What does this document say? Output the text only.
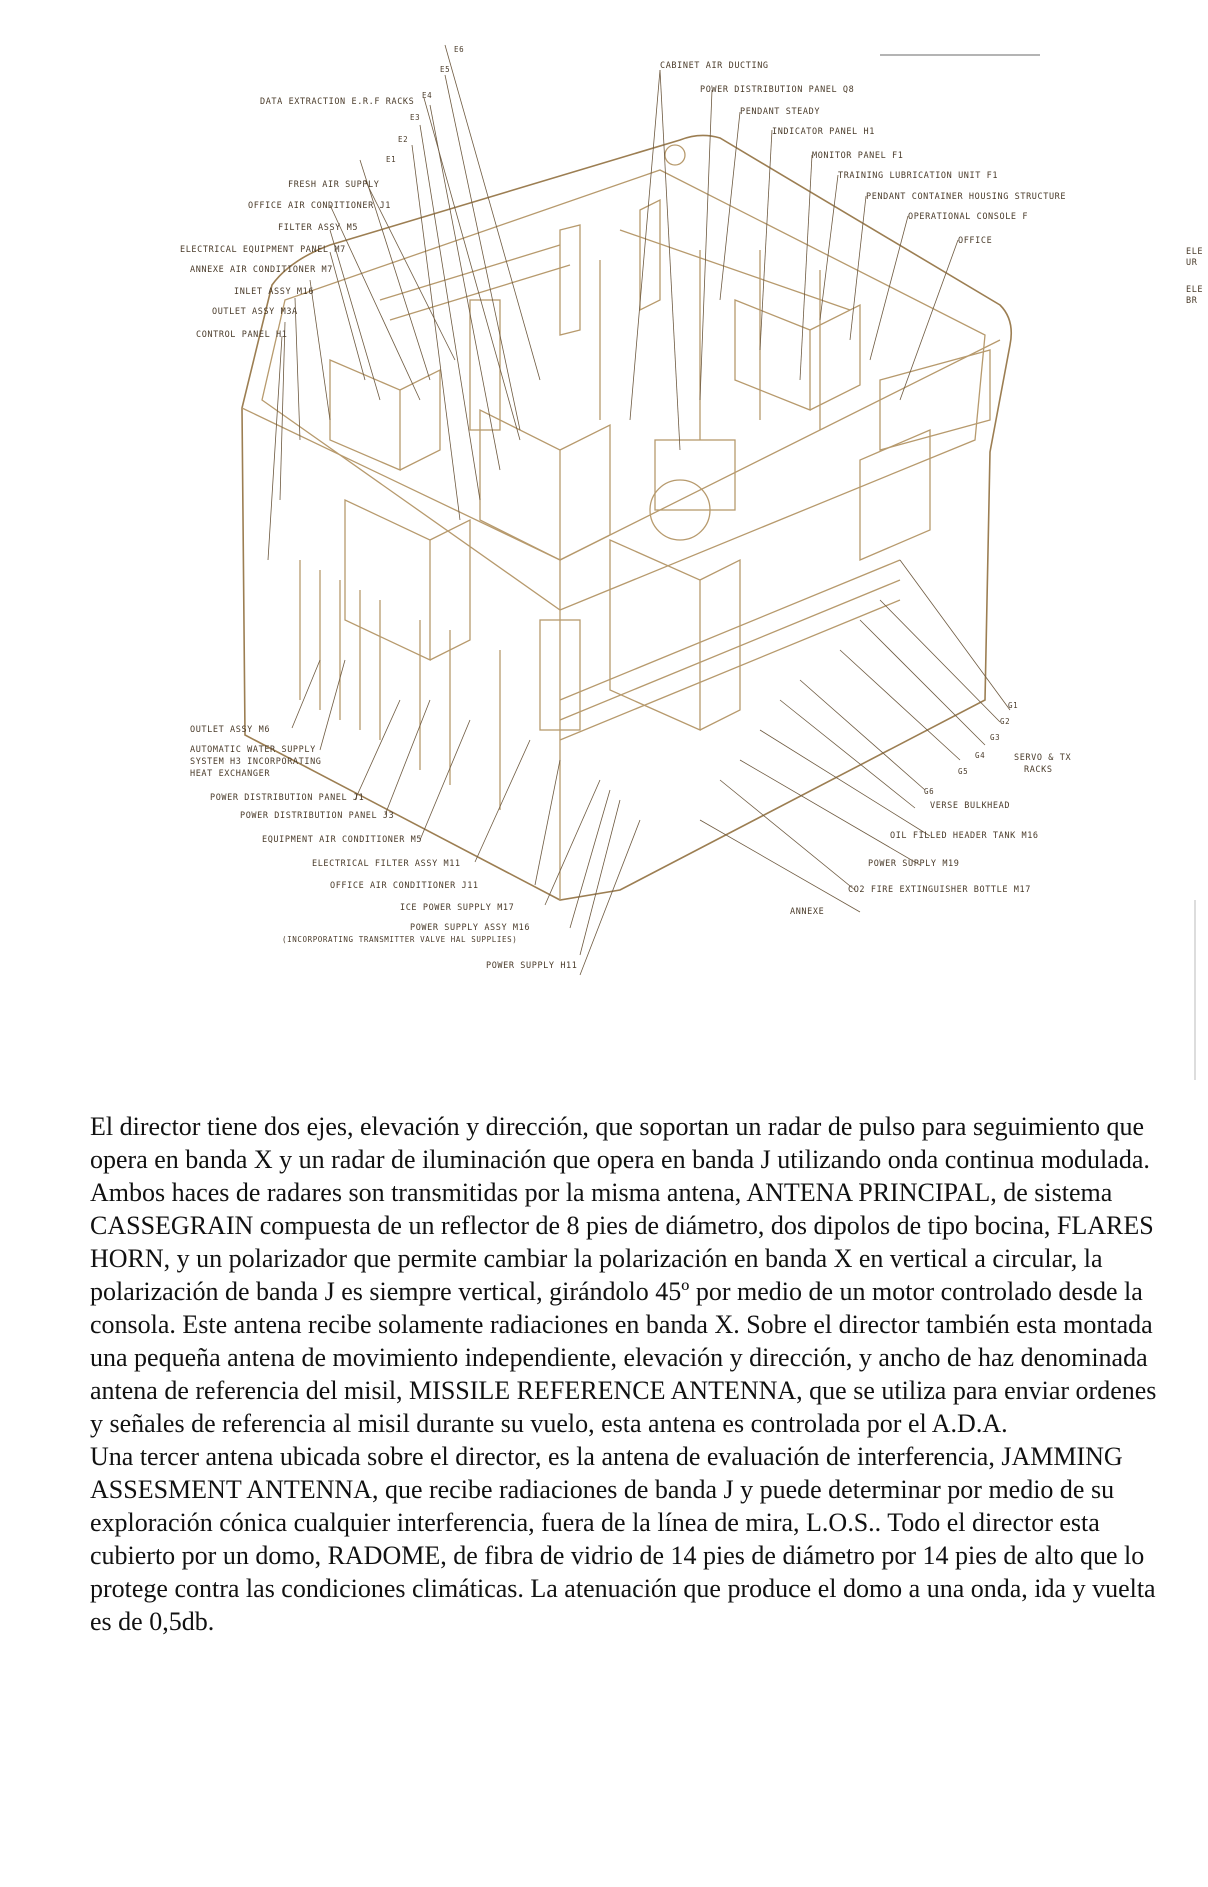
DATA EXTRACTION E.R.F RACKS
FRESH AIR SUPPLY
OFFICE AIR CONDITIONER J1
FILTER ASSY M5
ELECTRICAL EQUIPMENT PANEL M7
ANNEXE AIR CONDITIONER M7
INLET ASSY M16
OUTLET ASSY M3A
CONTROL PANEL H1
E5
E4
E3
E2
E1
E6
CABINET AIR DUCTING
POWER DISTRIBUTION PANEL Q8
PENDANT STEADY
INDICATOR PANEL H1
MONITOR PANEL F1
TRAINING LUBRICATION UNIT F1
PENDANT CONTAINER HOUSING STRUCTURE
OPERATIONAL CONSOLE F
OFFICE
ELE
UR
ELE
BR
OUTLET ASSY M6
AUTOMATIC WATER SUPPLY
SYSTEM H3 INCORPORATING
HEAT EXCHANGER
POWER DISTRIBUTION PANEL J1
POWER DISTRIBUTION PANEL J3
EQUIPMENT AIR CONDITIONER M5
ELECTRICAL FILTER ASSY M11
OFFICE AIR CONDITIONER J11
ICE POWER SUPPLY M17
POWER SUPPLY ASSY M16
(INCORPORATING TRANSMITTER VALVE HAL SUPPLIES)
POWER SUPPLY H11
G1
G2
G3
G4
G5
G6
SERVO & TX
RACKS
VERSE BULKHEAD
OIL FILLED HEADER TANK M16
POWER SUPPLY M19
CO2 FIRE EXTINGUISHER BOTTLE M17
ANNEXE

El director tiene dos ejes, elevación y dirección, que soportan un radar de pulso para seguimiento que opera en banda X y un radar de iluminación que opera en banda J utilizando onda continua modulada. Ambos haces de radares son transmitidas por la misma antena, ANTENA PRINCIPAL, de sistema CASSEGRAIN compuesta de un reflector de 8 pies de diámetro, dos dipolos de tipo bocina, FLARES HORN, y un polarizador que permite cambiar la polarización en banda X en vertical a circular, la polarización de banda J es siempre vertical, girándolo 45º por medio de un motor controlado desde la consola. Este antena recibe solamente radiaciones en banda X. Sobre el director también esta montada una pequeña antena de movimiento independiente, elevación y dirección, y ancho de haz denominada antena de referencia del misil, MISSILE REFERENCE ANTENNA, que se utiliza para enviar ordenes y señales de referencia al misil durante su vuelo, esta antena es controlada por el A.D.A.

Una tercer antena ubicada sobre el director, es la antena de evaluación de interferencia, JAMMING ASSESMENT ANTENNA, que recibe radiaciones de banda J y puede determinar por medio de su exploración cónica cualquier interferencia, fuera de la línea de mira, L.O.S.. Todo el director esta cubierto por un domo, RADOME, de fibra de vidrio de 14 pies de diámetro por 14 pies de alto que lo protege contra las condiciones climáticas. La atenuación que produce el domo a una onda, ida y vuelta es de 0,5db.
